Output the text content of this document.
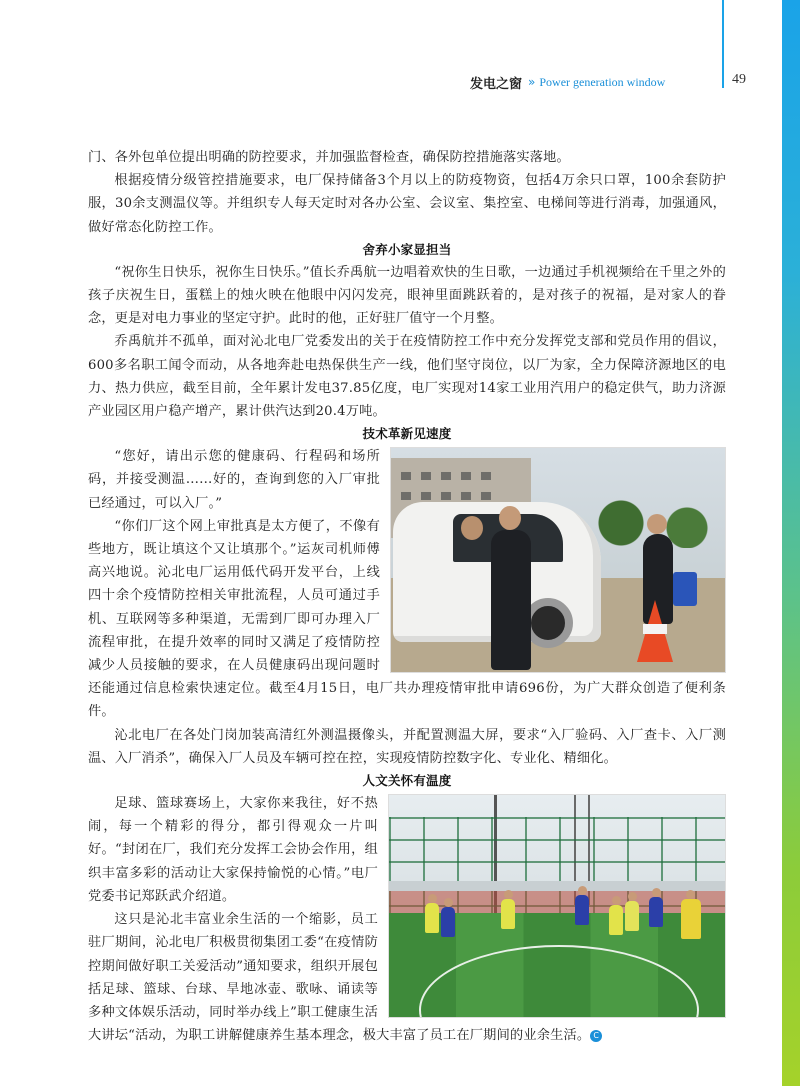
发电之窗 » Power generation window	49

门、各外包单位提出明确的防控要求，并加强监督检查，确保防控措施落实落地。

根据疫情分级管控措施要求，电厂保持储备3个月以上的防疫物资，包括4万余只口罩，100余套防护服，30余支测温仪等。并组织专人每天定时对各办公室、会议室、集控室、电梯间等进行消毒，加强通风，做好常态化防控工作。

舍弃小家显担当

“祝你生日快乐，祝你生日快乐。”值长乔禹航一边唱着欢快的生日歌，一边通过手机视频给在千里之外的孩子庆祝生日，蛋糕上的烛火映在他眼中闪闪发亮，眼神里面跳跃着的，是对孩子的祝福，是对家人的眷念，更是对电力事业的坚定守护。此时的他，正好驻厂值守一个月整。

乔禹航并不孤单，面对沁北电厂党委发出的关于在疫情防控工作中充分发挥党支部和党员作用的倡议，600多名职工闻令而动，从各地奔赴电热保供生产一线，他们坚守岗位，以厂为家，全力保障济源地区的电力、热力供应，截至目前，全年累计发电37.85亿度，电厂实现对14家工业用汽用户的稳定供气，助力济源产业园区用户稳产增产，累计供汽达到20.4万吨。

技术革新见速度

“您好，请出示您的健康码、行程码和场所码，并接受测温……好的，查询到您的入厂审批已经通过，可以入厂。”

“你们厂这个网上审批真是太方便了，不像有些地方，既让填这个又让填那个。”运灰司机师傅高兴地说。沁北电厂运用低代码开发平台，上线四十余个疫情防控相关审批流程，人员可通过手机、互联网等多种渠道，无需到厂即可办理入厂流程审批，在提升效率的同时又满足了疫情防控减少人员接触的要求，在人员健康码出现问题时还能通过信息检索快速定位。截至4月15日，电厂共办理疫情审批申请696份，为广大群众创造了便利条件。

沁北电厂在各处门岗加装高清红外测温摄像头，并配置测温大屏，要求“入厂验码、入厂查卡、入厂测温、入厂消杀”，确保入厂人员及车辆可控在控，实现疫情防控数字化、专业化、精细化。

人文关怀有温度

足球、篮球赛场上，大家你来我往，好不热闹，每一个精彩的得分，都引得观众一片叫好。“封闭在厂，我们充分发挥工会协会作用，组织丰富多彩的活动让大家保持愉悦的心情。”电厂党委书记郑跃武介绍道。

这只是沁北丰富业余生活的一个缩影，员工驻厂期间，沁北电厂积极贯彻集团工委“在疫情防控期间做好职工关爱活动”通知要求，组织开展包括足球、篮球、台球、旱地冰壶、歌咏、诵读等多种文体娱乐活动，同时举办线上”职工健康生活大讲坛“活动，为职工讲解健康养生基本理念，极大丰富了员工在厂期间的业余生活。 C
